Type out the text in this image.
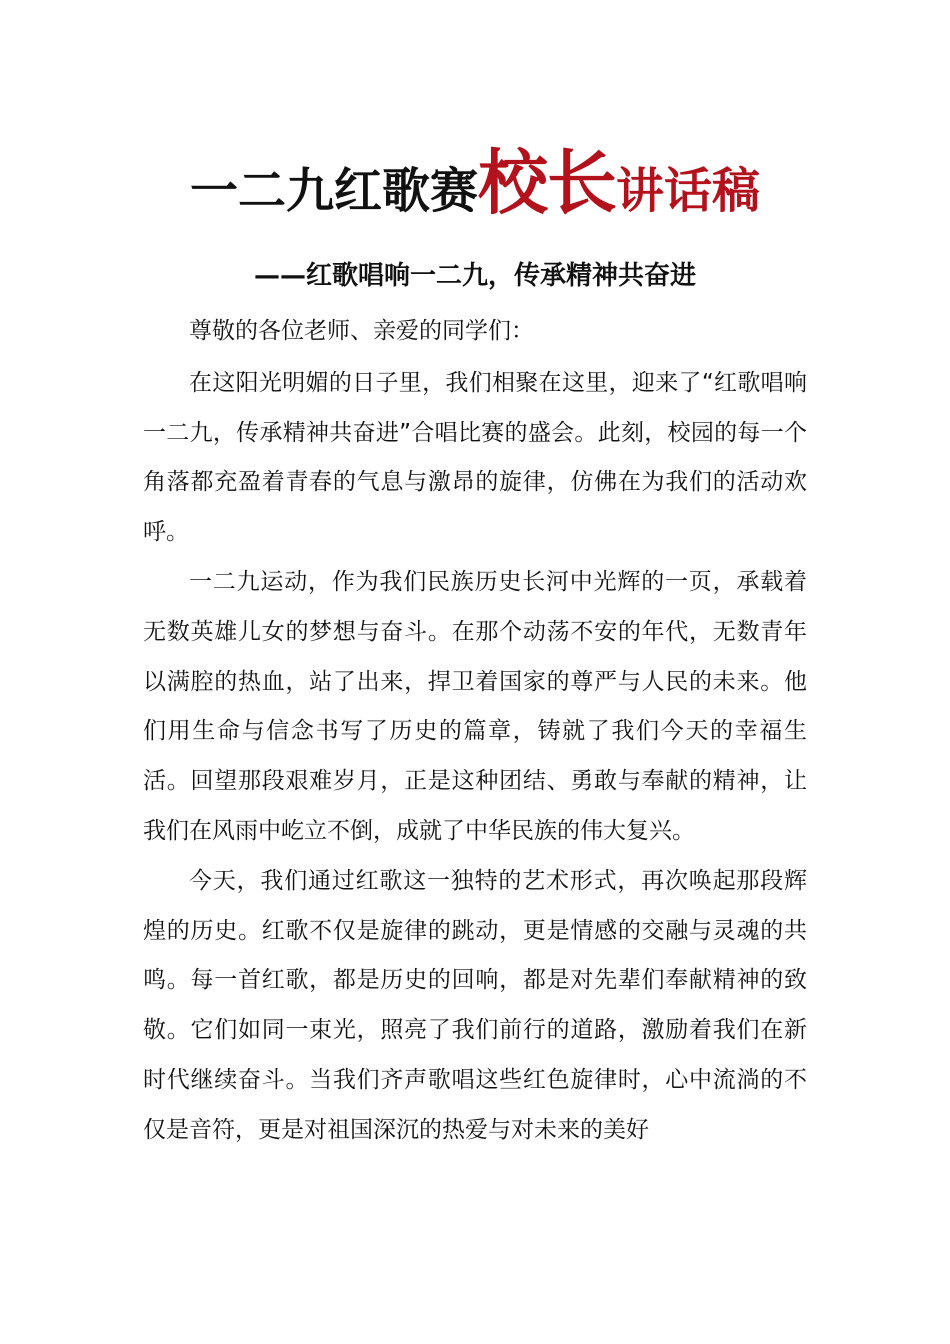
一二九红歌赛校长讲话稿
——红歌唱响一二九，传承精神共奋进

尊敬的各位老师、亲爱的同学们：

在这阳光明媚的日子里，我们相聚在这里，迎来了“红歌唱响一二九，传承精神共奋进”合唱比赛的盛会。此刻，校园的每一个角落都充盈着青春的气息与激昂的旋律，仿佛在为我们的活动欢呼。

一二九运动，作为我们民族历史长河中光辉的一页，承载着无数英雄儿女的梦想与奋斗。在那个动荡不安的年代，无数青年以满腔的热血，站了出来，捍卫着国家的尊严与人民的未来。他们用生命与信念书写了历史的篇章，铸就了我们今天的幸福生活。回望那段艰难岁月，正是这种团结、勇敢与奉献的精神，让我们在风雨中屹立不倒，成就了中华民族的伟大复兴。

今天，我们通过红歌这一独特的艺术形式，再次唤起那段辉煌的历史。红歌不仅是旋律的跳动，更是情感的交融与灵魂的共鸣。每一首红歌，都是历史的回响，都是对先辈们奉献精神的致敬。它们如同一束光，照亮了我们前行的道路，激励着我们在新时代继续奋斗。当我们齐声歌唱这些红色旋律时，心中流淌的不仅是音符，更是对祖国深沉的热爱与对未来的美好
